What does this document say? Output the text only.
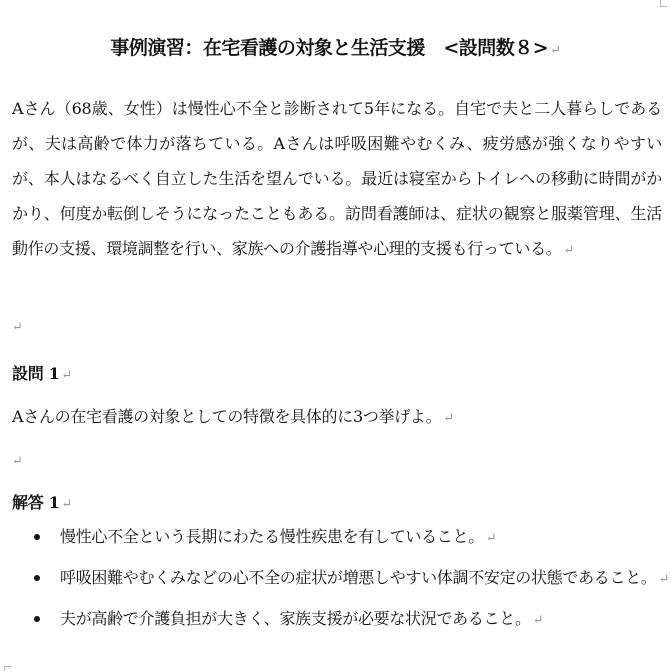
事例演習：在宅看護の対象と生活支援　<設問数８> ↵

Aさん（68歳、女性）は慢性心不全と診断されて5年になる。自宅で夫と二人暮らしであるが、夫は高齢で体力が落ちている。Aさんは呼吸困難やむくみ、疲労感が強くなりやすいが、本人はなるべく自立した生活を望んでいる。最近は寝室からトイレへの移動に時間がかかり、何度か転倒しそうになったこともある。訪問看護師は、症状の観察と服薬管理、生活動作の支援、環境調整を行い、家族への介護指導や心理的支援も行っている。 ↵

↵
設問 1 ↵
Aさんの在宅看護の対象としての特徴を具体的に3つ挙げよ。 ↵
↵
解答 1 ↵
慢性心不全という長期にわたる慢性疾患を有していること。 ↵
呼吸困難やむくみなどの心不全の症状が増悪しやすい体調不安定の状態であること。 ↵
夫が高齢で介護負担が大きく、家族支援が必要な状況であること。 ↵
